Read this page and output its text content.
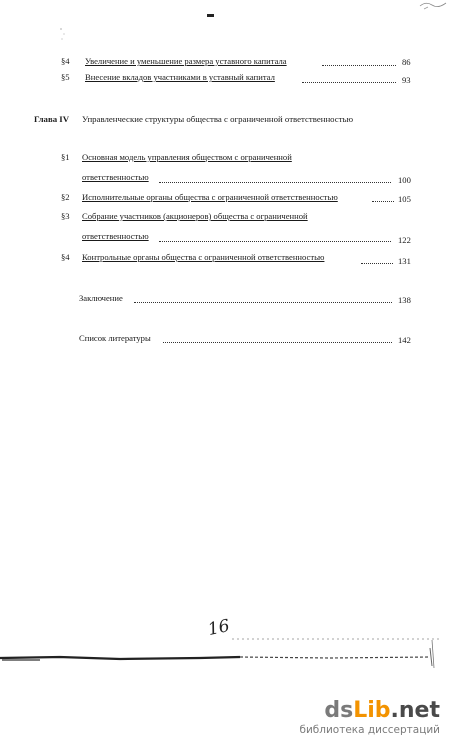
§4 Увеличение и уменьшение размера уставного капитала	86
§5 Внесение вкладов участниками в уставный капитал	93
Глава IV Управленческие структуры общества с ограниченной ответственностью
§1 Основная модель управления обществом с ограниченной
ответственностью	100
§2 Исполнительные органы общества с ограниченной ответственностью	105
§3 Собрание участников (акционеров) общества с ограниченной
ответственностью	122
§4 Контрольные органы общества с ограниченной ответственностью	131
Заключение	138
Список литературы	142
16
dsLib.net
библиотека диссертаций
